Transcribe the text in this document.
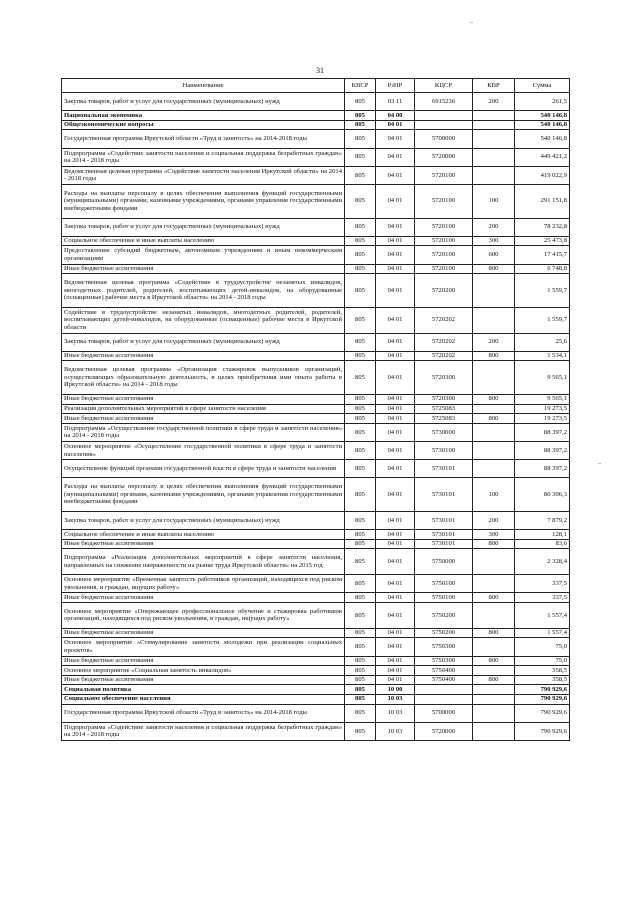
31
Наименование	КВСР	РзПР	КЦСР	КВР	Сумма
Закупка товаров, работ и услуг для государственных (муниципальных) нужд	805	03 11	6915236	200	261,5
Национальная экономика	805	04 00			540 146,8
Общеэкономические вопросы	805	04 01			540 146,8
Государственная программа Иркутской области «Труд и занятость» на 2014-2018 годы	805	04 01	5700000		540 146,8
Подпрограмма «Содействие занятости населения и социальная поддержка безработных граждан» на 2014 - 2018 годы	805	04 01	5720000		449 421,2
Ведомственная целевая программа «Содействие занятости населения Иркутской области» на 2014 - 2018 годы	805	04 01	5720100		419 022,9
Расходы на выплаты персоналу в целях обеспечения выполнения функций государственными (муниципальными) органами, казенными учреждениями, органами управления государственными внебюджетными фондами	805	04 01	5720100	100	291 151,8
Закупка товаров, работ и услуг для государственных (муниципальных) нужд	805	04 01	5720100	200	78 232,8
Социальное обеспечение и иные выплаты населению	805	04 01	5720100	300	25 473,8
Предоставление субсидий бюджетным, автономным учреждениям и иным некоммерческим организациям	805	04 01	5720100	600	17 415,7
Иные бюджетные ассигнования	805	04 01	5720100	800	6 748,8
Ведомственная целевая программа «Содействие в трудоустройстве незанятых инвалидов, многодетных родителей, родителей, воспитывающих детей-инвалидов, на оборудованные (оснащенные) рабочие места в Иркутской области» на 2014 - 2018 годы	805	04 01	5720200		1 559,7
Содействие в трудоустройстве незанятых инвалидов, многодетных родителей, родителей, воспитывающих детей-инвалидов, на оборудованные (оснащенные) рабочие места в Иркутской области	805	04 01	5720202		1 559,7
Закупка товаров, работ и услуг для государственных (муниципальных) нужд	805	04 01	5720202	200	25,6
Иные бюджетные ассигнования	805	04 01	5720202	800	1 534,1
Ведомственная целевая программа «Организация стажировок выпускников организаций, осуществляющих образовательную деятельность, в целях приобретения ими опыта работы в Иркутской области» на 2014 - 2018 годы	805	04 01	5720300		9 565,1
Иные бюджетные ассигнования	805	04 01	5720300	800	9 565,1
Реализация дополнительных мероприятий в сфере занятости населения	805	04 01	5725083		19 273,5
Иные бюджетные ассигнования	805	04 01	5725083	800	19 273,5
Подпрограмма «Осуществление государственной политики в сфере труда и занятости населения» на 2014 - 2018 годы	805	04 01	5730000		88 397,2
Основное мероприятие «Осуществление государственной политики в сфере труда и занятости населения»	805	04 01	5730100		88 397,2
Осуществление функций органами государственной власти в сфере труда и занятости населения	805	04 01	5730101		88 397,2
Расходы на выплаты персоналу в целях обеспечения выполнения функций государственными (муниципальными) органами, казенными учреждениями, органами управления государственными внебюджетными фондами	805	04 01	5730101	100	80 306,3
Закупка товаров, работ и услуг для государственных (муниципальных) нужд	805	04 01	5730101	200	7 879,2
Социальное обеспечение и иные выплаты населению	805	04 01	5730101	300	128,1
Иные бюджетные ассигнования	805	04 01	5730101	800	83,6
Подпрограмма «Реализация дополнительных мероприятий в сфере занятости населения, направленных на снижение напряженности на рынке труда Иркутской области» на 2015 год	805	04 01	5750000		2 328,4
Основное мероприятие «Временная занятость работников организаций, находящихся под риском увольнения, и граждан, ищущих работу»	805	04 01	5750100		337,5
Иные бюджетные ассигнования	805	04 01	5750100	800	337,5
Основное мероприятие «Опережающее профессиональное обучение и стажировка работников организаций, находящихся под риском увольнения, и граждан, ищущих работу»	805	04 01	5750200		1 557,4
Иные бюджетные ассигнования	805	04 01	5750200	800	1 557,4
Основное мероприятие «Стимулирование занятости молодежи при реализации социальных проектов»	805	04 01	5750300		75,0
Иные бюджетные ассигнования	805	04 01	5750300	800	75,0
Основное мероприятие «Социальная занятость инвалидов»	805	04 01	5750400		358,5
Иные бюджетные ассигнования	805	04 01	5750400	800	358,5
Социальная политика	805	10 00			790 929,6
Социальное обеспечение населения	805	10 03			790 929,6
Государственная программа Иркутской области «Труд и занятость» на 2014-2018 годы	805	10 03	5700000		790 929,6
Подпрограмма «Содействие занятости населения и социальная поддержка безработных граждан» на 2014 - 2018 годы	805	10 03	5720000		790 929,6
